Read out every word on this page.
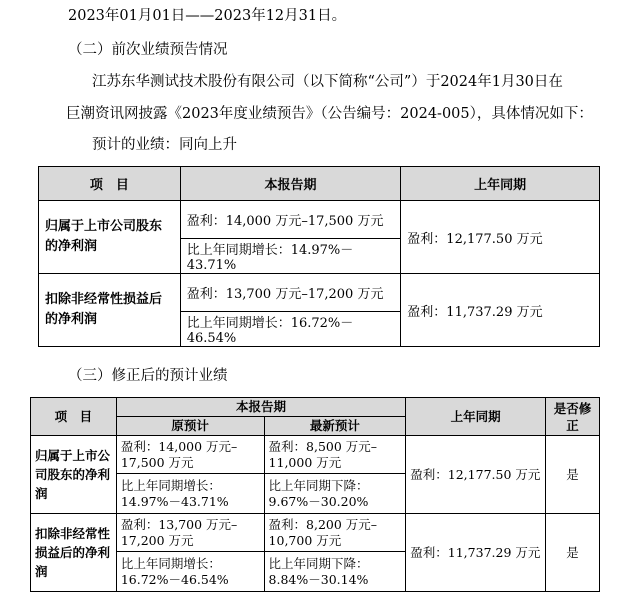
2023年01月01日——2023年12月31日。
（二）前次业绩预告情况
江苏东华测试技术股份有限公司（以下简称“公司”）于2024年1月30日在
巨潮资讯网披露《2023年度业绩预告》（公告编号：2024-005），具体情况如下：
预计的业绩：同向上升
项　目	本报告期	上年同期
归属于上市公司股东的净利润	盈利：14,000 万元–17,500 万元	盈利：12,177.50 万元
	比上年同期增长：14.97%－43.71%	
扣除非经常性损益后的净利润	盈利：13,700 万元–17,200 万元	盈利：11,737.29 万元
	比上年同期增长：16.72%－46.54%	
（三）修正后的预计业绩
项　目	本报告期		上年同期	是否修正
	原预计	最新预计		
归属于上市公司股东的净利润	盈利：14,000 万元–17,500 万元	盈利：8,500 万元–11,000 万元	盈利：12,177.50 万元	是
	比上年同期增长：14.97%－43.71%	比上年同期下降：9.67%－30.20%		
扣除非经常性损益后的净利润	盈利：13,700 万元–17,200 万元	盈利：8,200 万元–10,700 万元	盈利：11,737.29 万元	是
	比上年同期增长：16.72%－46.54%	比上年同期下降：8.84%－30.14%		
